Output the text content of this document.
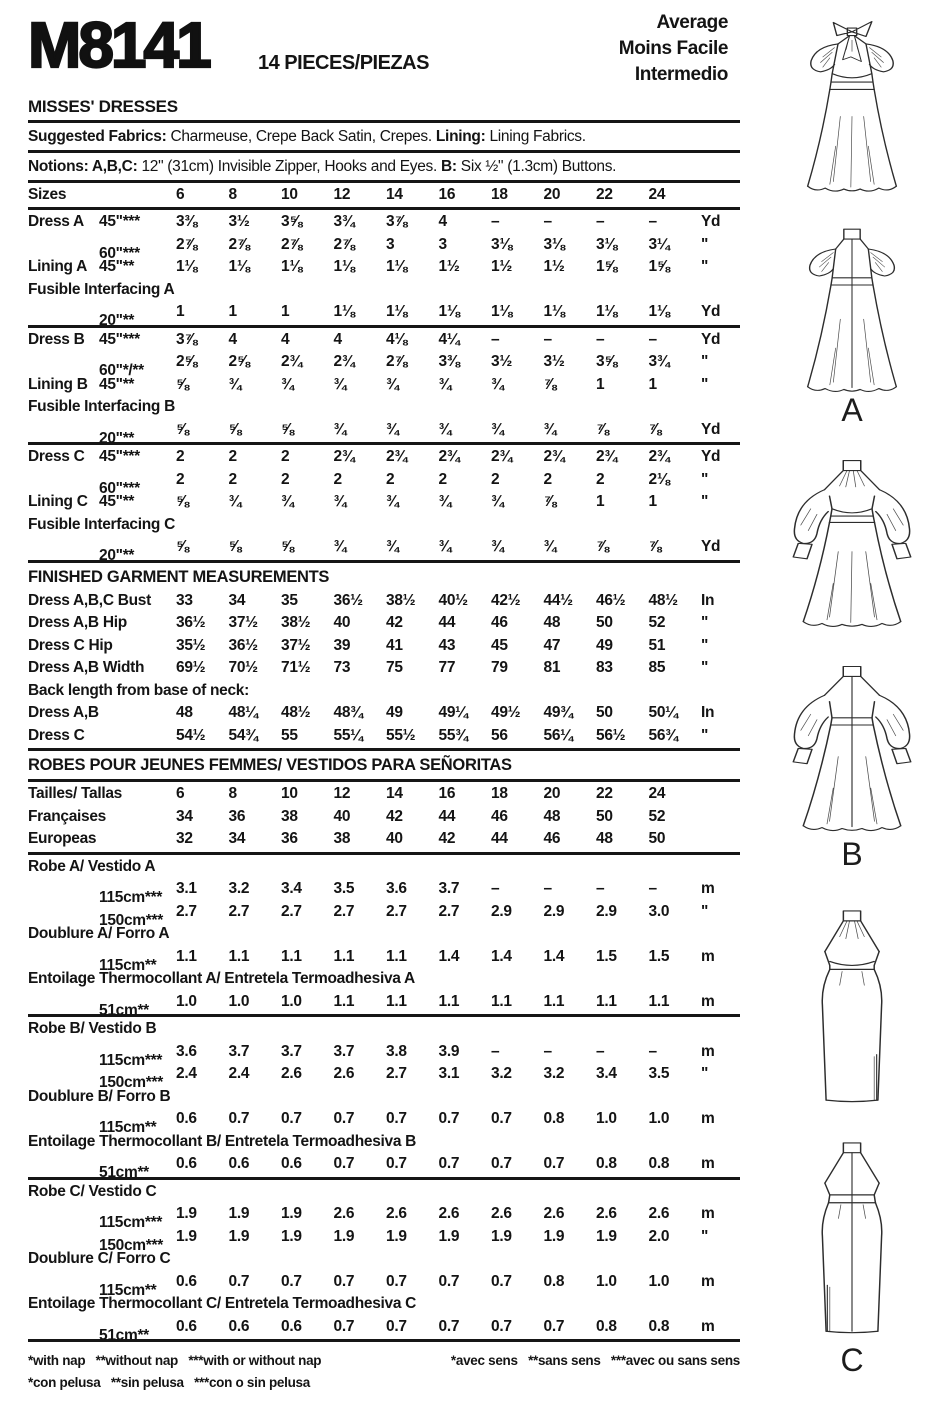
M8141 14 PIECES/PIEZAS
Average
Moins Facile
Intermedio
MISSES' DRESSES
Suggested Fabrics: Charmeuse, Crepe Back Satin, Crepes. Lining: Lining Fabrics.
Notions: A,B,C: 12" (31cm) Invisible Zipper, Hooks and Eyes. B: Six ½" (1.3cm) Buttons.
Sizes	6	8	10	12	14	16	18	20	22	24
Dress A 45"*** 3⅜	3½	3⅝	3¾	3⅞	4	–	–	–	–	Yd
60"***
2⅞	2⅞	2⅞	2⅞	3	3	3⅛	3⅛	3⅛	3¼	"
Lining A 45"**	1⅛	1⅛	1⅛	1⅛	1⅛	1½	1½	1½	1⅝	1⅝	"
Fusible Interfacing A
20"**
1	1	1	1⅛	1⅛	1⅛	1⅛	1⅛	1⅛	1⅛	Yd
Dress B 45"*** 3⅞	4	4	4	4⅛	4¼	–	–	–	–	Yd
60"*/**
2⅝	2⅝	2¾	2¾	2⅞	3⅜	3½	3½	3⅝	3¾	"
Lining B 45"**	⅝	¾	¾	¾	¾	¾	¾	⅞	1	1	"
Fusible Interfacing B
20"**
⅝	⅝	⅝	¾	¾	¾	¾	¾	⅞	⅞	Yd
Dress C 45"*** 2	2	2	2¾	2¾	2¾	2¾	2¾	2¾	2¾	Yd
60"***
2	2	2	2	2	2	2	2	2	2⅛	"
Lining C 45"**	⅝	¾	¾	¾	¾	¾	¾	⅞	1	1	"
Fusible Interfacing C
20"**
⅝	⅝	⅝	¾	¾	¾	¾	¾	⅞	⅞	Yd
FINISHED GARMENT MEASUREMENTS
Dress A,B,C Bust	33	34	35	36½	38½	40½	42½	44½	46½	48½	In
Dress A,B Hip	36½	37½	38½	40	42	44	46	48	50	52	"
Dress C Hip	35½	36½	37½	39	41	43	45	47	49	51	"
Dress A,B Width	69½	70½	71½	73	75	77	79	81	83	85	"
Back length from base of neck:
Dress A,B	48	48¼	48½	48¾	49	49¼	49½	49¾	50	50¼	In
Dress C	54½	54¾	55	55¼	55½	55¾	56	56¼	56½	56¾	"
ROBES POUR JEUNES FEMMES/ VESTIDOS PARA SEÑORITAS
Tailles/ Tallas	6	8	10	12	14	16	18	20	22	24
Françaises	34	36	38	40	42	44	46	48	50	52
Europeas	32	34	36	38	40	42	44	46	48	50
Robe A/ Vestido A
115cm***
3.1	3.2	3.4	3.5	3.6	3.7	–	–	–	–	m
150cm***
2.7	2.7	2.7	2.7	2.7	2.7	2.9	2.9	2.9	3.0	"
Doublure A/ Forro A
115cm**
1.1	1.1	1.1	1.1	1.1	1.4	1.4	1.4	1.5	1.5	m
Entoilage Thermocollant A/ Entretela Termoadhesiva A
51cm**
1.0	1.0	1.0	1.1	1.1	1.1	1.1	1.1	1.1	1.1	m
Robe B/ Vestido B
115cm***
3.6	3.7	3.7	3.7	3.8	3.9	–	–	–	–	m
150cm***
2.4	2.4	2.6	2.6	2.7	3.1	3.2	3.2	3.4	3.5	"
Doublure B/ Forro B
115cm**
0.6	0.7	0.7	0.7	0.7	0.7	0.7	0.8	1.0	1.0	m
Entoilage Thermocollant B/ Entretela Termoadhesiva B
51cm**
0.6	0.6	0.6	0.7	0.7	0.7	0.7	0.7	0.8	0.8	m
Robe C/ Vestido C
115cm***
1.9	1.9	1.9	2.6	2.6	2.6	2.6	2.6	2.6	2.6	m
150cm***
1.9	1.9	1.9	1.9	1.9	1.9	1.9	1.9	1.9	2.0	"
Doublure C/ Forro C
115cm**
0.6	0.7	0.7	0.7	0.7	0.7	0.7	0.8	1.0	1.0	m
Entoilage Thermocollant C/ Entretela Termoadhesiva C
51cm**
0.6	0.6	0.6	0.7	0.7	0.7	0.7	0.7	0.8	0.8	m
*with nap   **without nap   ***with or without nap	*avec sens   **sans sens   ***avec ou sans sens
*con pelusa   **sin pelusa   ***con o sin pelusa
A
B
C
